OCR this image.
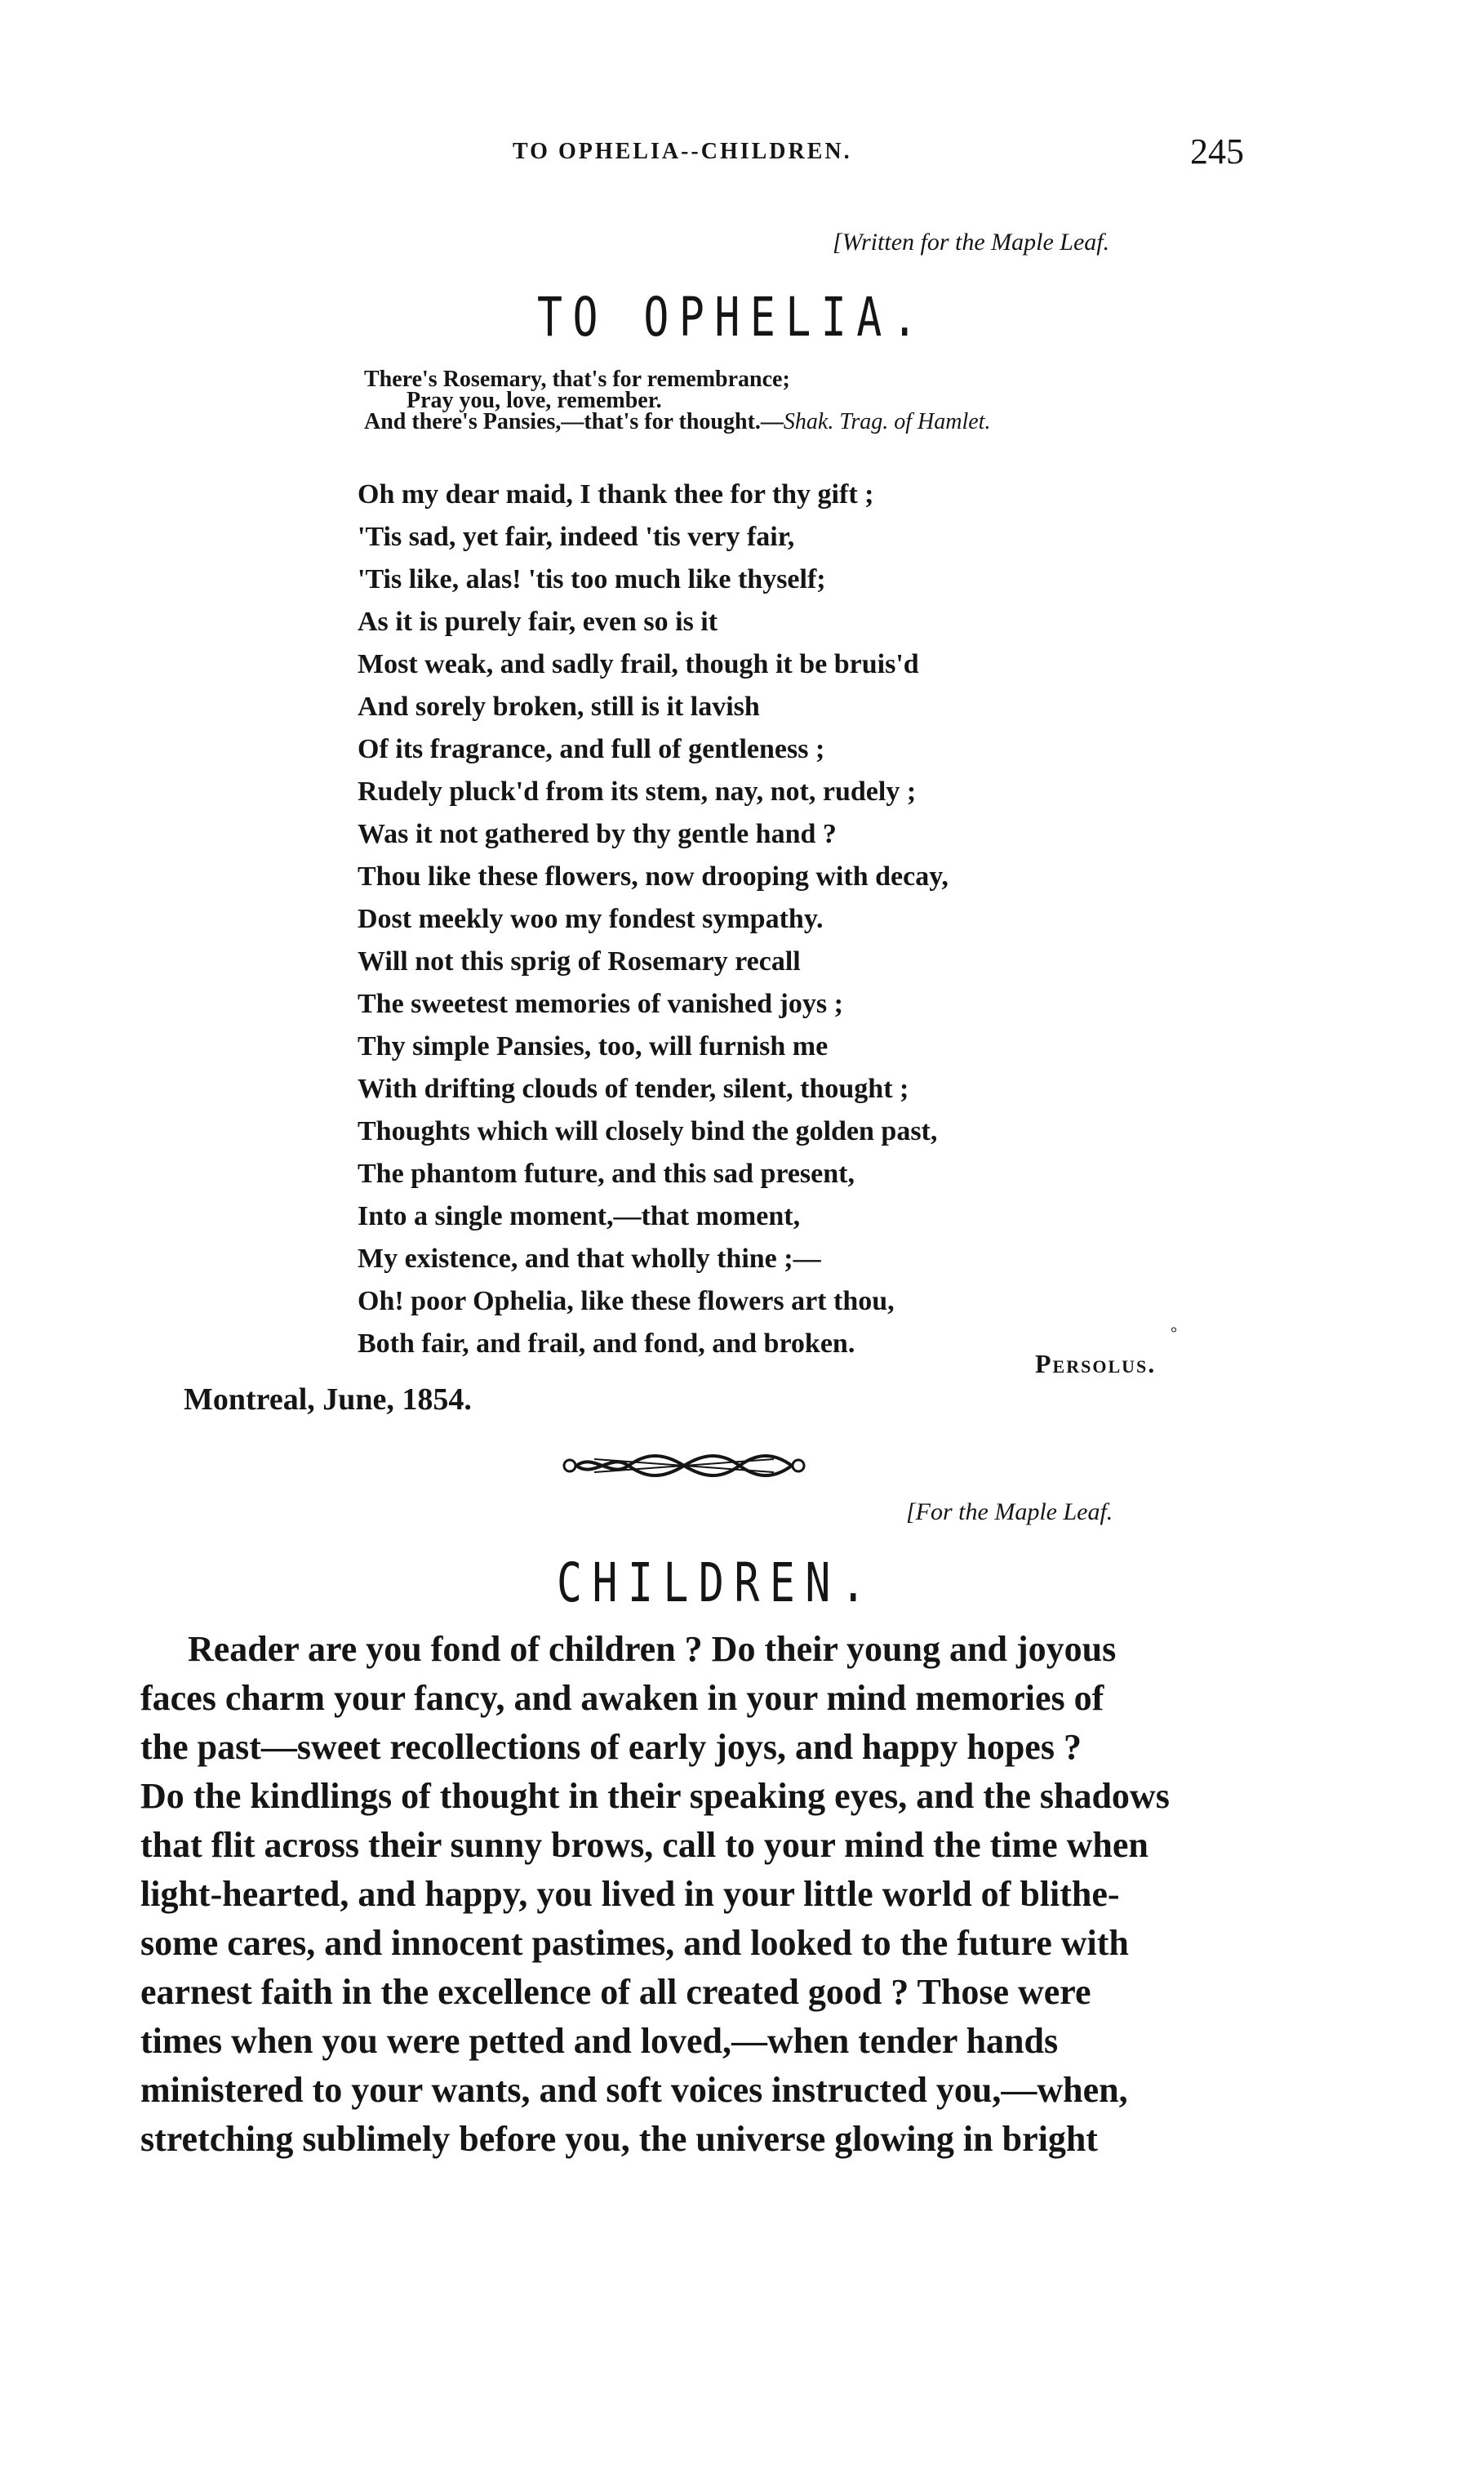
TO OPHELIA--CHILDREN.	245
[Written for the Maple Leaf.
TO OPHELIA.
There's Rosemary, that's for remembrance;
Pray you, love, remember.
And there's Pansies,—that's for thought.—Shak. Trag. of Hamlet.
Oh my dear maid, I thank thee for thy gift ;
'Tis sad, yet fair, indeed 'tis very fair,
'Tis like, alas! 'tis too much like thyself;
As it is purely fair, even so is it
Most weak, and sadly frail, though it be bruis'd
And sorely broken, still is it lavish
Of its fragrance, and full of gentleness ;
Rudely pluck'd from its stem, nay, not, rudely ;
Was it not gathered by thy gentle hand ?
Thou like these flowers, now drooping with decay,
Dost meekly woo my fondest sympathy.
Will not this sprig of Rosemary recall
The sweetest memories of vanished joys ;
Thy simple Pansies, too, will furnish me
With drifting clouds of tender, silent, thought ;
Thoughts which will closely bind the golden past,
The phantom future, and this sad present,
Into a single moment,—that moment,
My existence, and that wholly thine ;—
Oh! poor Ophelia, like these flowers art thou,
Both fair, and frail, and fond, and broken.	°
Persolus.
Montreal, June, 1854.
[For the Maple Leaf.
CHILDREN.
Reader are you fond of children ? Do their young and joyous
faces charm your fancy, and awaken in your mind memories of
the past—sweet recollections of early joys, and happy hopes ?
Do the kindlings of thought in their speaking eyes, and the shadows
that flit across their sunny brows, call to your mind the time when
light-hearted, and happy, you lived in your little world of blithe-
some cares, and innocent pastimes, and looked to the future with
earnest faith in the excellence of all created good ? Those were
times when you were petted and loved,—when tender hands
ministered to your wants, and soft voices instructed you,—when,
stretching sublimely before you, the universe glowing in bright
